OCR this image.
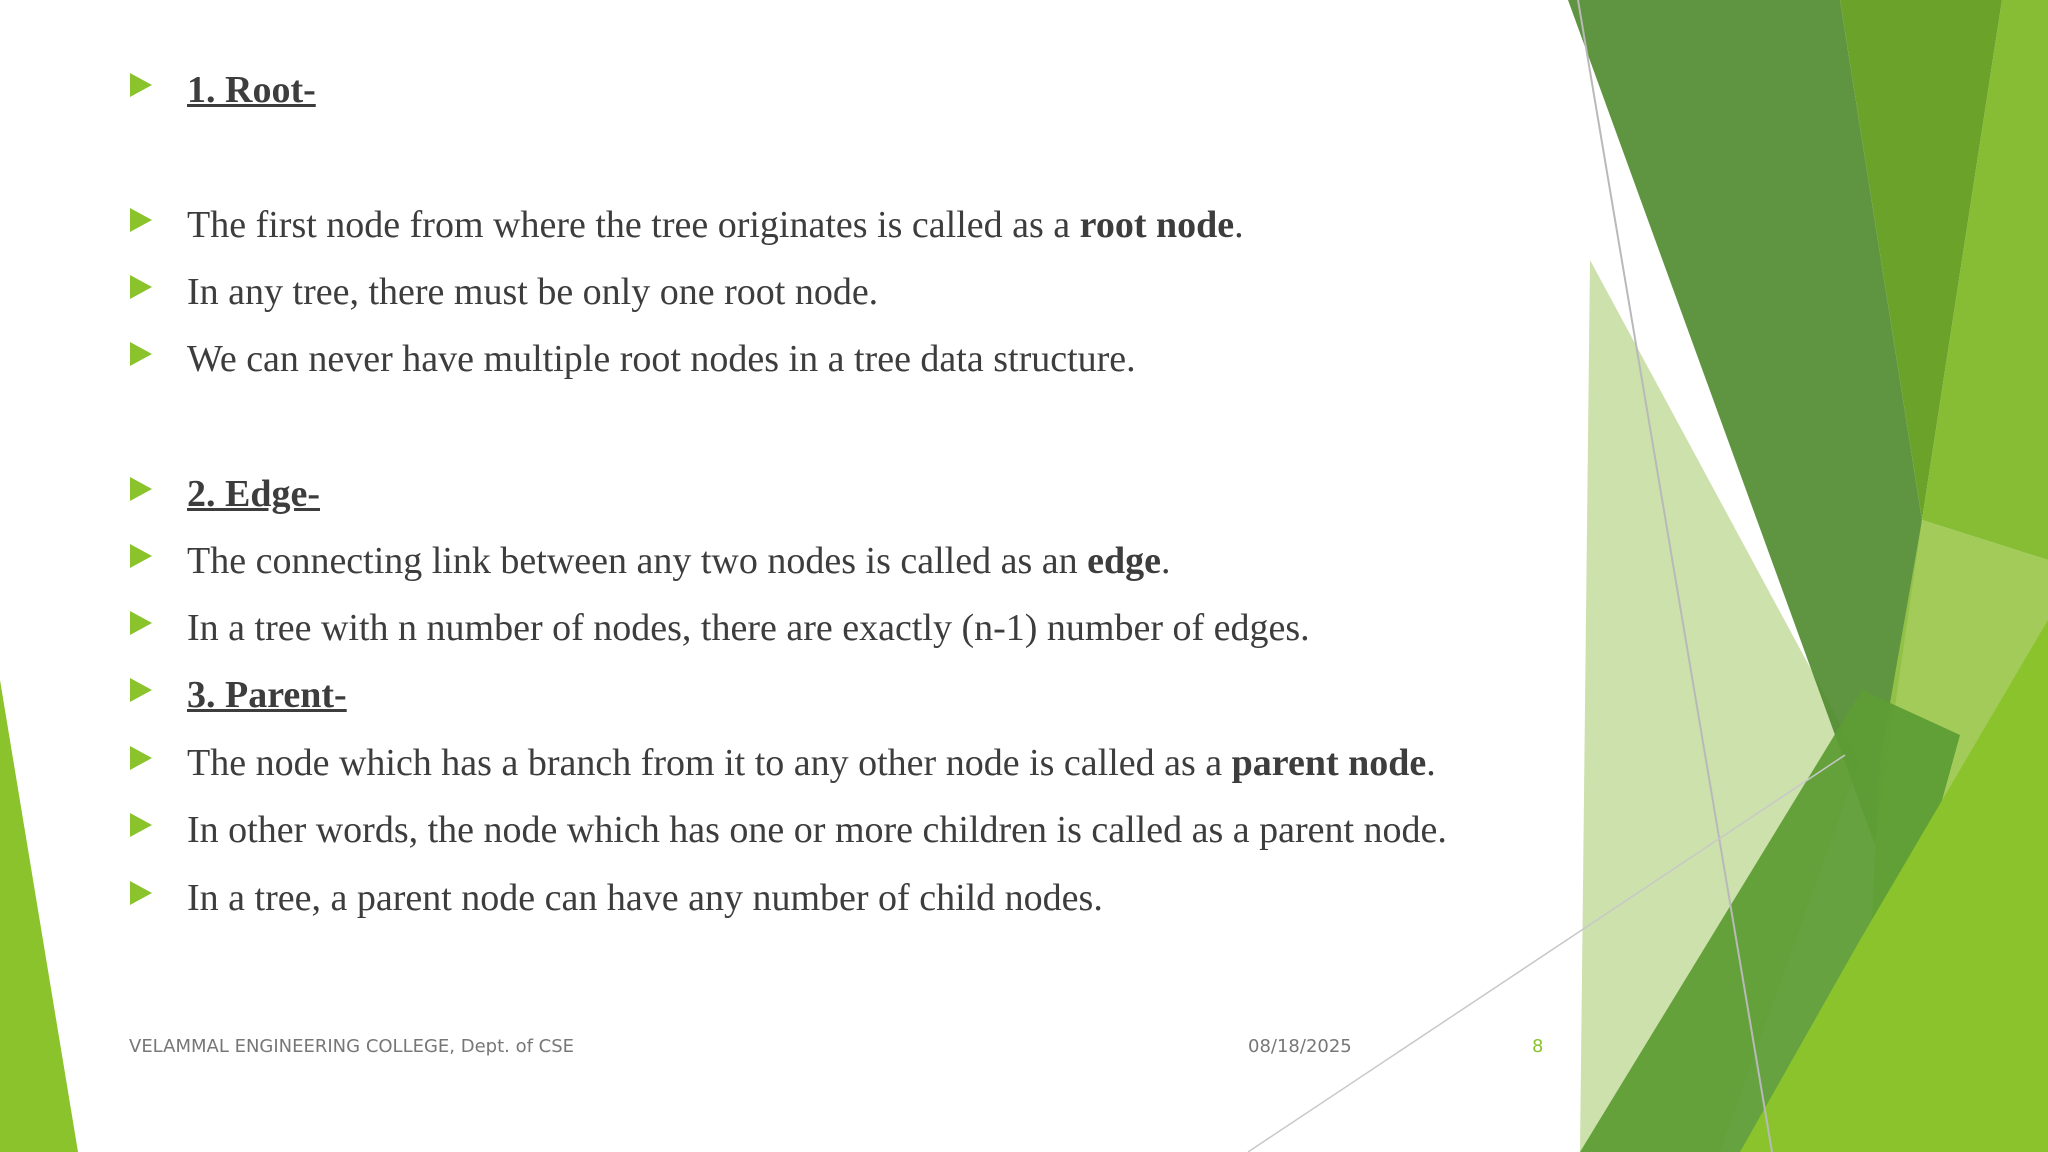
1. Root-
The first node from where the tree originates is called as a root node.
In any tree, there must be only one root node.
We can never have multiple root nodes in a tree data structure.
2. Edge-
The connecting link between any two nodes is called as an edge.
In a tree with n number of nodes, there are exactly (n-1) number of edges.
3. Parent-
The node which has a branch from it to any other node is called as a parent node.
In other words, the node which has one or more children is called as a parent node.
In a tree, a parent node can have any number of child nodes.
VELAMMAL ENGINEERING COLLEGE, Dept. of CSE	08/18/2025	8
